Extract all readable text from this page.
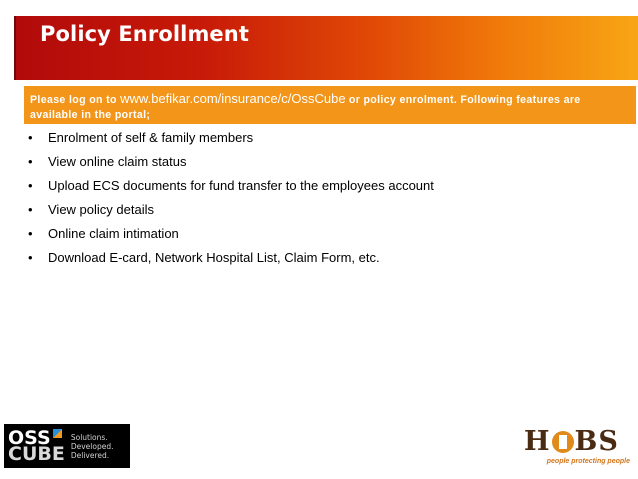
Policy Enrollment
Please log on to www.befikar.com/insurance/c/OssCube or policy enrolment. Following features are available in the portal;
• Enrolment of self & family members
• View online claim status
• Upload ECS documents for fund transfer to the employees account
• View policy details
• Online claim intimation
• Download E-card, Network Hospital List, Claim Form, etc.
OSS
CUBE
Solutions.
Developed.
Delivered.	H BS
people protecting people
